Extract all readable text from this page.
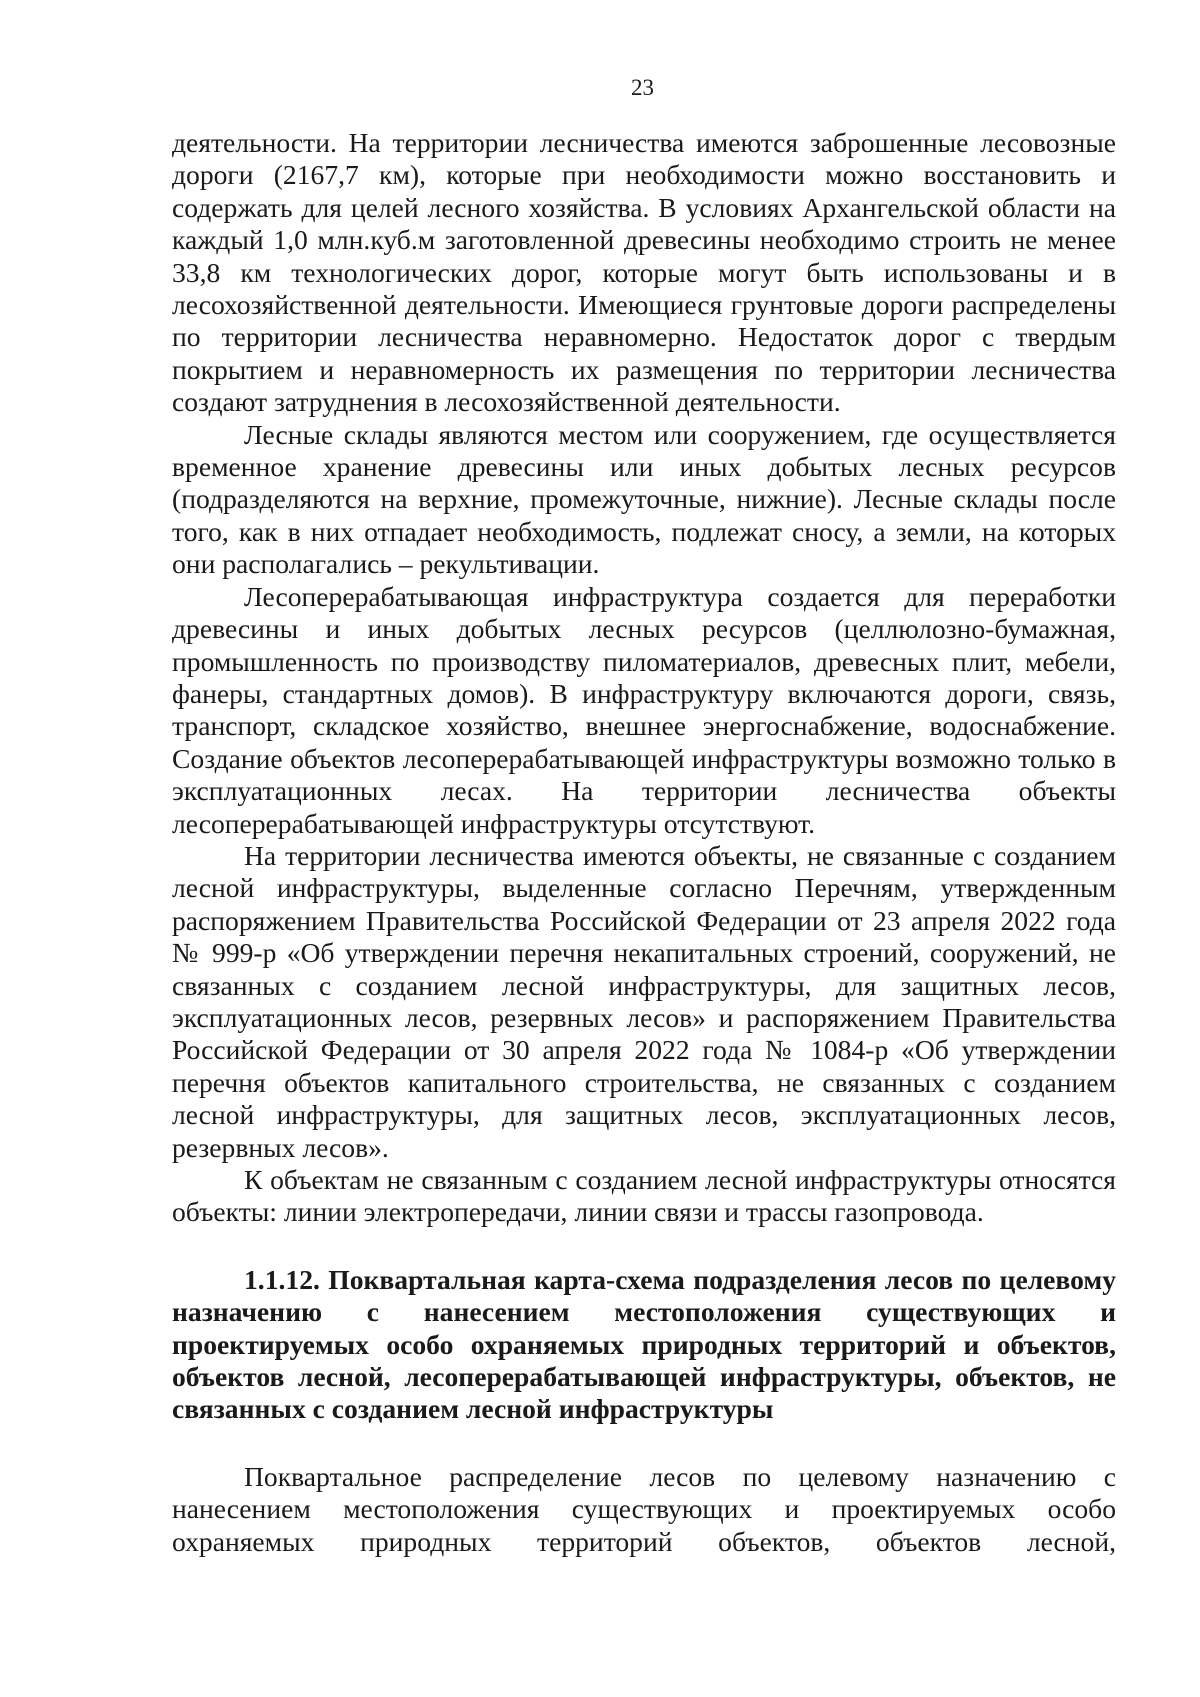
23

деятельности. На территории лесничества имеются заброшенные лесовозные дороги (2167,7 км), которые при необходимости можно восстановить и содержать для целей лесного хозяйства. В условиях Архангельской области на каждый 1,0 млн.куб.м заготовленной древесины необходимо строить не менее 33,8 км технологических дорог, которые могут быть использованы и в лесохозяйственной деятельности. Имеющиеся грунтовые дороги распределены по территории лесничества неравномерно. Недостаток дорог с твердым покрытием и неравномерность их размещения по территории лесничества создают затруднения в лесохозяйственной деятельности.

Лесные склады являются местом или сооружением, где осуществляется временное хранение древесины или иных добытых лесных ресурсов (подразделяются на верхние, промежуточные, нижние). Лесные склады после того, как в них отпадает необходимость, подлежат сносу, а земли, на которых они располагались – рекультивации.

Лесоперерабатывающая инфраструктура создается для переработки древесины и иных добытых лесных ресурсов (целлюлозно-бумажная, промышленность по производству пиломатериалов, древесных плит, мебели, фанеры, стандартных домов). В инфраструктуру включаются дороги, связь, транспорт, складское хозяйство, внешнее энергоснабжение, водоснабжение. Создание объектов лесоперерабатывающей инфраструктуры возможно только в эксплуатационных лесах. На территории лесничества объекты лесоперерабатывающей инфраструктуры отсутствуют.

На территории лесничества имеются объекты, не связанные с созданием лесной инфраструктуры, выделенные согласно Перечням, утвержденным распоряжением Правительства Российской Федерации от 23 апреля 2022 года № 999-р «Об утверждении перечня некапитальных строений, сооружений, не связанных с созданием лесной инфраструктуры, для защитных лесов, эксплуатационных лесов, резервных лесов» и распоряжением Правительства Российской Федерации от 30 апреля 2022 года № 1084-р «Об утверждении перечня объектов капитального строительства, не связанных с созданием лесной инфраструктуры, для защитных лесов, эксплуатационных лесов, резервных лесов».

К объектам не связанным с созданием лесной инфраструктуры относятся объекты: линии электропередачи, линии связи и трассы газопровода.

1.1.12. Поквартальная карта-схема подразделения лесов по целевому назначению с нанесением местоположения существующих и проектируемых особо охраняемых природных территорий и объектов, объектов лесной, лесоперерабатывающей инфраструктуры, объектов, не связанных с созданием лесной инфраструктуры

Поквартальное распределение лесов по целевому назначению с нанесением местоположения существующих и проектируемых особо охраняемых природных территорий объектов, объектов лесной,
